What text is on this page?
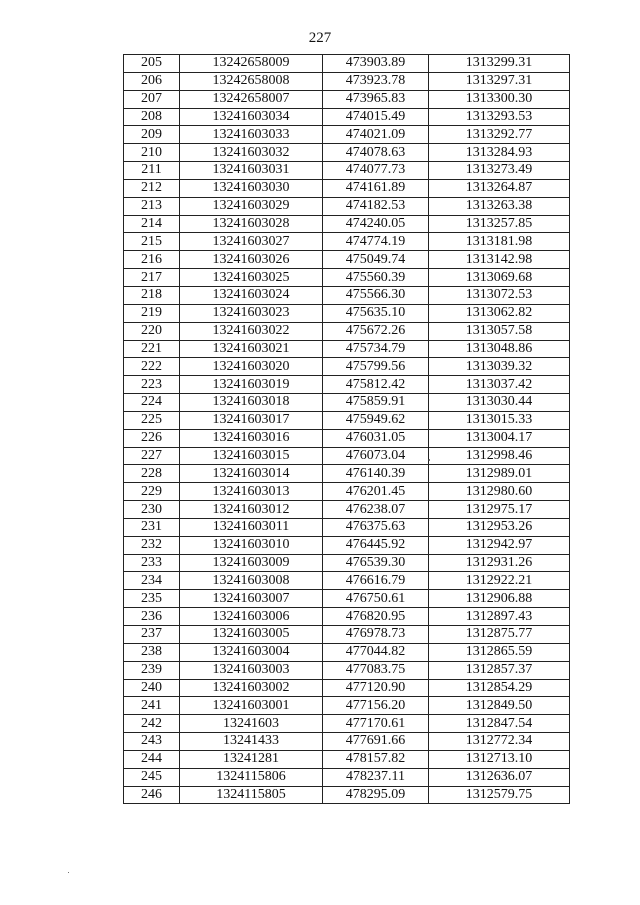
227
205	13242658009	473903.89	1313299.31
206	13242658008	473923.78	1313297.31
207	13242658007	473965.83	1313300.30
208	13241603034	474015.49	1313293.53
209	13241603033	474021.09	1313292.77
210	13241603032	474078.63	1313284.93
211	13241603031	474077.73	1313273.49
212	13241603030	474161.89	1313264.87
213	13241603029	474182.53	1313263.38
214	13241603028	474240.05	1313257.85
215	13241603027	474774.19	1313181.98
216	13241603026	475049.74	1313142.98
217	13241603025	475560.39	1313069.68
218	13241603024	475566.30	1313072.53
219	13241603023	475635.10	1313062.82
220	13241603022	475672.26	1313057.58
221	13241603021	475734.79	1313048.86
222	13241603020	475799.56	1313039.32
223	13241603019	475812.42	1313037.42
224	13241603018	475859.91	1313030.44
225	13241603017	475949.62	1313015.33
226	13241603016	476031.05	1313004.17
227	13241603015	476073.04	1312998.46
228	13241603014	476140.39	1312989.01
229	13241603013	476201.45	1312980.60
230	13241603012	476238.07	1312975.17
231	13241603011	476375.63	1312953.26
232	13241603010	476445.92	1312942.97
233	13241603009	476539.30	1312931.26
234	13241603008	476616.79	1312922.21
235	13241603007	476750.61	1312906.88
236	13241603006	476820.95	1312897.43
237	13241603005	476978.73	1312875.77
238	13241603004	477044.82	1312865.59
239	13241603003	477083.75	1312857.37
240	13241603002	477120.90	1312854.29
241	13241603001	477156.20	1312849.50
242	13241603	477170.61	1312847.54
243	13241433	477691.66	1312772.34
244	13241281	478157.82	1312713.10
245	1324115806	478237.11	1312636.07
246	1324115805	478295.09	1312579.75
